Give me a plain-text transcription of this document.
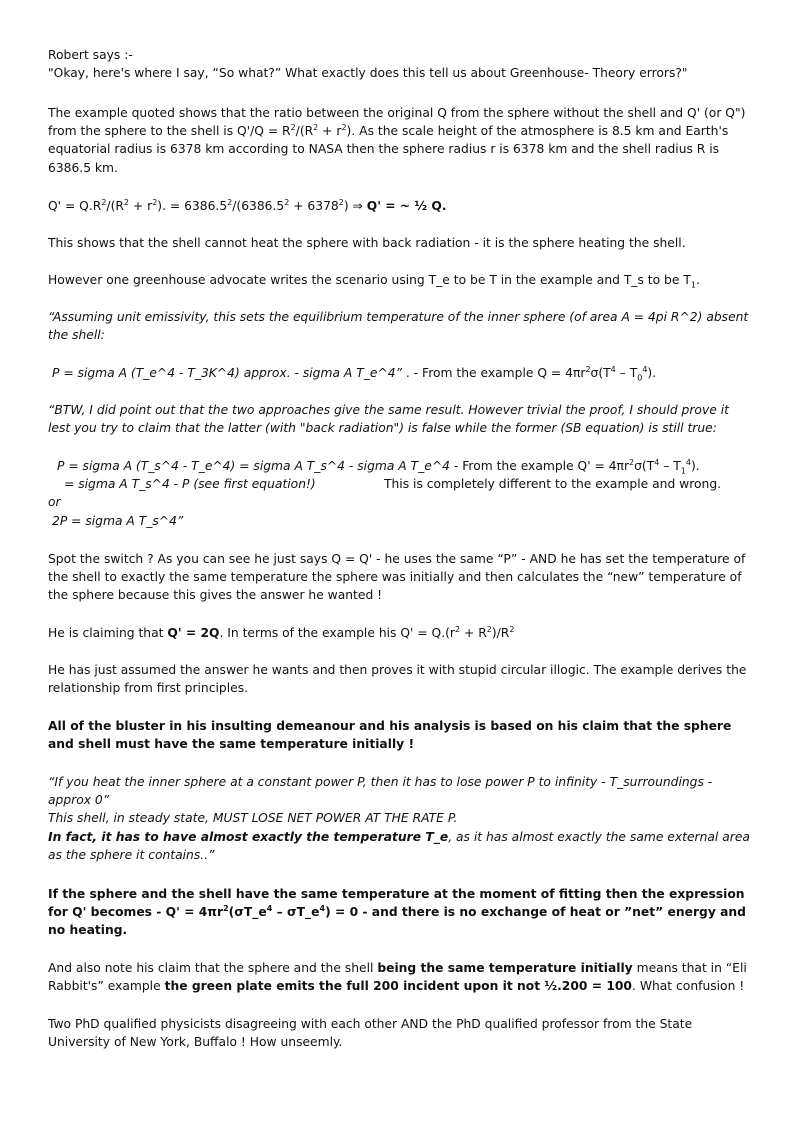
Robert says :-

"Okay, here's where I say, “So what?” What exactly does this tell us about Greenhouse- Theory errors?"

The example quoted shows that the ratio between the original Q from the sphere without the shell and Q' (or Q") from the sphere to the shell is $Q'/Q = R^2/(R^2 + r^2)$. As the scale height of the atmosphere is 8.5 km and Earth's equatorial radius is 6378 km according to NASA then the sphere radius r is 6378 km and the shell radius R is 6386.5 km.

$Q' = Q.R^2/(R^2 + r^2)$. = $6386.5^2/(6386.5^2 + 6378^2)$ ⇒ Q' = ~ ½ Q.

This shows that the shell cannot heat the sphere with back radiation - it is the sphere heating the shell.

However one greenhouse advocate writes the scenario using T_e to be T in the example and T_s to be $T_1$.

“Assuming unit emissivity, this sets the equilibrium temperature of the inner sphere (of area A = 4pi R^2) absent the shell:

P = sigma A (T_e^4 - T_3K^4) approx. - sigma A T_e^4” . - From the example $Q = 4\pi r^2\sigma(T^4 - T_0^4)$.

“BTW, I did point out that the two approaches give the same result. However trivial the proof, I should prove it lest you try to claim that the latter (with "back radiation") is false while the former (SB equation) is still true:

P = sigma A (T_s^4 - T_e^4) = sigma A T_s^4 - sigma A T_e^4 - From the example $Q' = 4\pi r^2\sigma(T^4 - T_1^4)$.

= sigma A T_s^4 - P (see first equation!)	This is completely different to the example and wrong.

or

2P = sigma A T_s^4”

Spot the switch ? As you can see he just says Q = Q' - he uses the same “P” - AND he has set the temperature of the shell to exactly the same temperature the sphere was initially and then calculates the “new” temperature of the sphere because this gives the answer he wanted !

He is claiming that Q' = 2Q. In terms of the example his $Q' = Q.(r^2 + R^2)/R^2$

He has just assumed the answer he wants and then proves it with stupid circular illogic. The example derives the relationship from first principles.

All of the bluster in his insulting demeanour and his analysis is based on his claim that the sphere and shell must have the same temperature initially !

“If you heat the inner sphere at a constant power P, then it has to lose power P to infinity - T_surroundings - approx 0”

This shell, in steady state, MUST LOSE NET POWER AT THE RATE P.

In fact, it has to have almost exactly the temperature T_e, as it has almost exactly the same external area as the sphere it contains..”

If the sphere and the shell have the same temperature at the moment of fitting then the expression for Q' becomes - $Q' = 4\pi r^2(\sigma T\_e^4$ – $\sigma T\_e^4) = 0$ - and there is no exchange of heat or ”net” energy and no heating.

And also note his claim that the sphere and the shell being the same temperature initially means that in “Eli Rabbit's” example the green plate emits the full 200 incident upon it not ½.200 = 100. What confusion !

Two PhD qualified physicists disagreeing with each other AND the PhD qualified professor from the State University of New York, Buffalo ! How unseemly.
